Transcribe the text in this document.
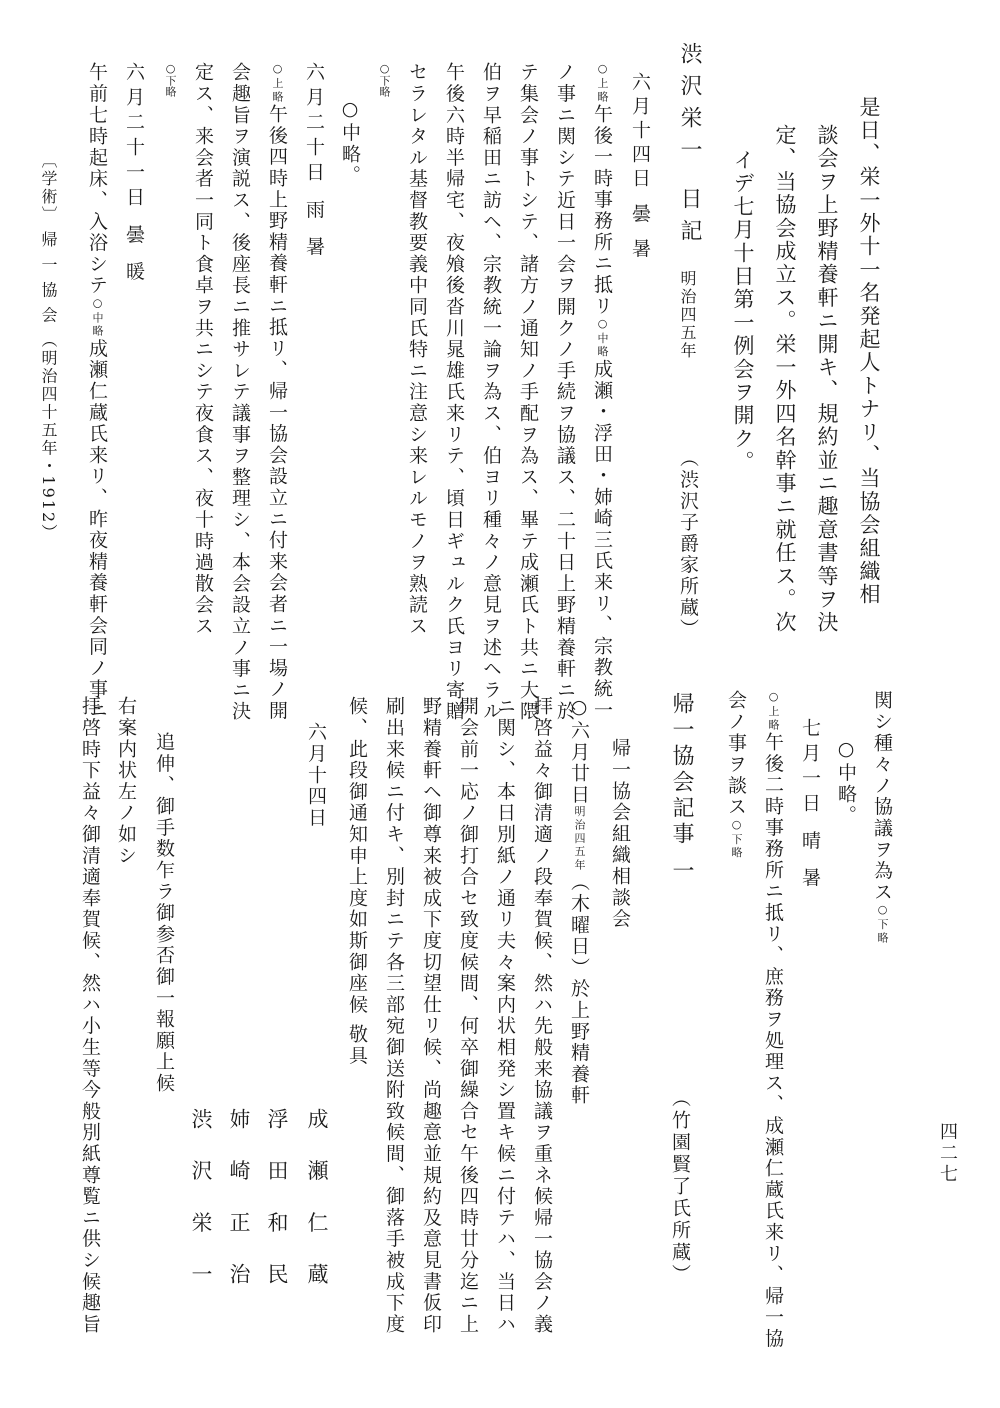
是日、栄一外十一名発起人トナリ、当協会組織相
談会ヲ上野精養軒ニ開キ、規約並ニ趣意書等ヲ決
定、当協会成立ス。栄一外四名幹事ニ就任ス。次
イデ七月十日第一例会ヲ開ク。
渋沢栄一 日記
明治四五年
（渋沢子爵家所蔵）
六月十四日 曇 暑
○上略午後一時事務所ニ抵リ○中略成瀬・浮田・姉崎三氏来リ、宗教統一
ノ事ニ関シテ近日一会ヲ開クノ手続ヲ協議ス、二十日上野精養軒ニ於
テ集会ノ事トシテ、諸方ノ通知ノ手配ヲ為ス、畢テ成瀬氏ト共ニ大隈
伯ヲ早稲田ニ訪ヘ、宗教統一論ヲ為ス、伯ヨリ種々ノ意見ヲ述ヘラル
午後六時半帰宅、夜飧後沓川晁雄氏来リテ、頃日ギュルク氏ヨリ寄贈
セラレタル基督教要義中同氏特ニ注意シ来レルモノヲ熟読ス
○下略
○中略。
六月二十日 雨 暑
○上略午後四時上野精養軒ニ抵リ、帰一協会設立ニ付来会者ニ一場ノ開
会趣旨ヲ演説ス、後座長ニ推サレテ議事ヲ整理シ、本会設立ノ事ニ決
定ス、来会者一同ト食卓ヲ共ニシテ夜食ス、夜十時過散会ス
○下略
六月二十一日 曇 暖
午前七時起床、入浴シテ○中略成瀬仁蔵氏来リ、昨夜精養軒会同ノ事ニ
〔学術〕 帰 一 協 会 （明治四十五年・1912）
四二七
関シ種々ノ協議ヲ為ス○下略
○中略。
七月一日 晴 暑
○上略午後二時事務所ニ抵リ、庶務ヲ処理ス、成瀬仁蔵氏来リ、帰一協
会ノ事ヲ談ス○下略
帰一協会記事 一
（竹園賢了氏所蔵）
帰一協会組織相談会
○六月廿日明治四五年（木曜日）於上野精養軒
拝啓益々御清適ノ段奉賀候、然ハ先般来協議ヲ重ネ候帰一協会ノ義
ニ関シ、本日別紙ノ通リ夫々案内状相発シ置キ候ニ付テハ、当日ハ
開会前一応ノ御打合セ致度候間、何卒御繰合セ午後四時廿分迄ニ上
野精養軒ヘ御尊来被成下度切望仕リ候、尚趣意並規約及意見書仮印
刷出来候ニ付キ、別封ニテ各三部宛御送附致候間、御落手被成下度
候、此段御通知申上度如斯御座候 敬具
六月十四日
成 瀬 仁 蔵
浮 田 和 民
姉 崎 正 治
渋 沢 栄 一
追伸、御手数乍ラ御参否御一報願上候
右案内状左ノ如シ
拝啓時下益々御清適奉賀候、然ハ小生等今般別紙尊覧ニ供シ候趣旨
